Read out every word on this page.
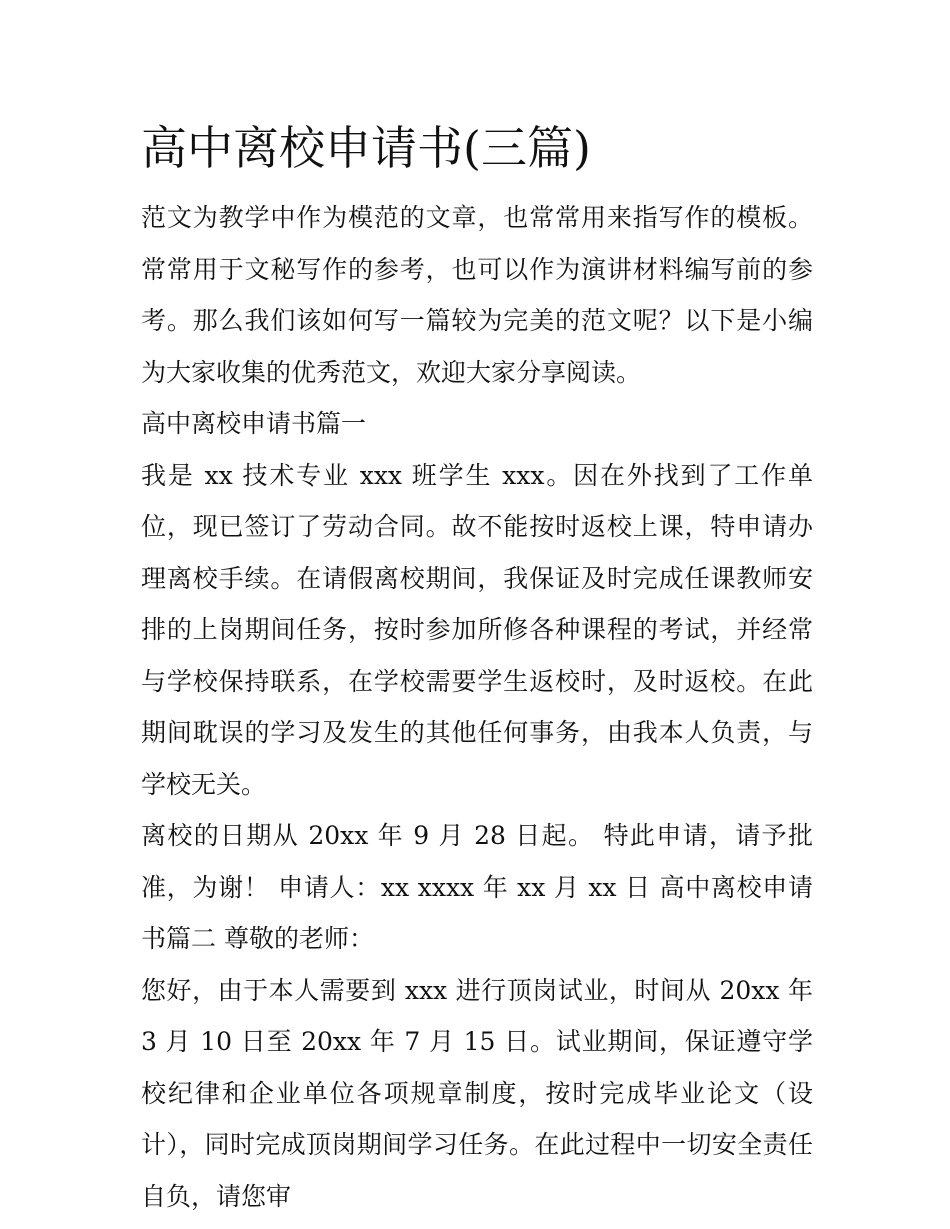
高中离校申请书(三篇)

范文为教学中作为模范的文章，也常常用来指写作的模板。常常用于文秘写作的参考，也可以作为演讲材料编写前的参考。那么我们该如何写一篇较为完美的范文呢？以下是小编为大家收集的优秀范文，欢迎大家分享阅读。

高中离校申请书篇一

我是 xx 技术专业 xxx 班学生 xxx。因在外找到了工作单位，现已签订了劳动合同。故不能按时返校上课，特申请办理离校手续。在请假离校期间，我保证及时完成任课教师安排的上岗期间任务，按时参加所修各种课程的考试，并经常与学校保持联系，在学校需要学生返校时，及时返校。在此期间耽误的学习及发生的其他任何事务，由我本人负责，与学校无关。

离校的日期从 20xx 年 9 月 28 日起。 特此申请，请予批准，为谢！ 申请人：xx xxxx 年 xx 月 xx 日 高中离校申请书篇二 尊敬的老师：

您好，由于本人需要到 xxx 进行顶岗试业，时间从 20xx 年 3 月 10 日至 20xx 年 7 月 15 日。试业期间，保证遵守学校纪律和企业单位各项规章制度，按时完成毕业论文（设计），同时完成顶岗期间学习任务。在此过程中一切安全责任自负，请您审
